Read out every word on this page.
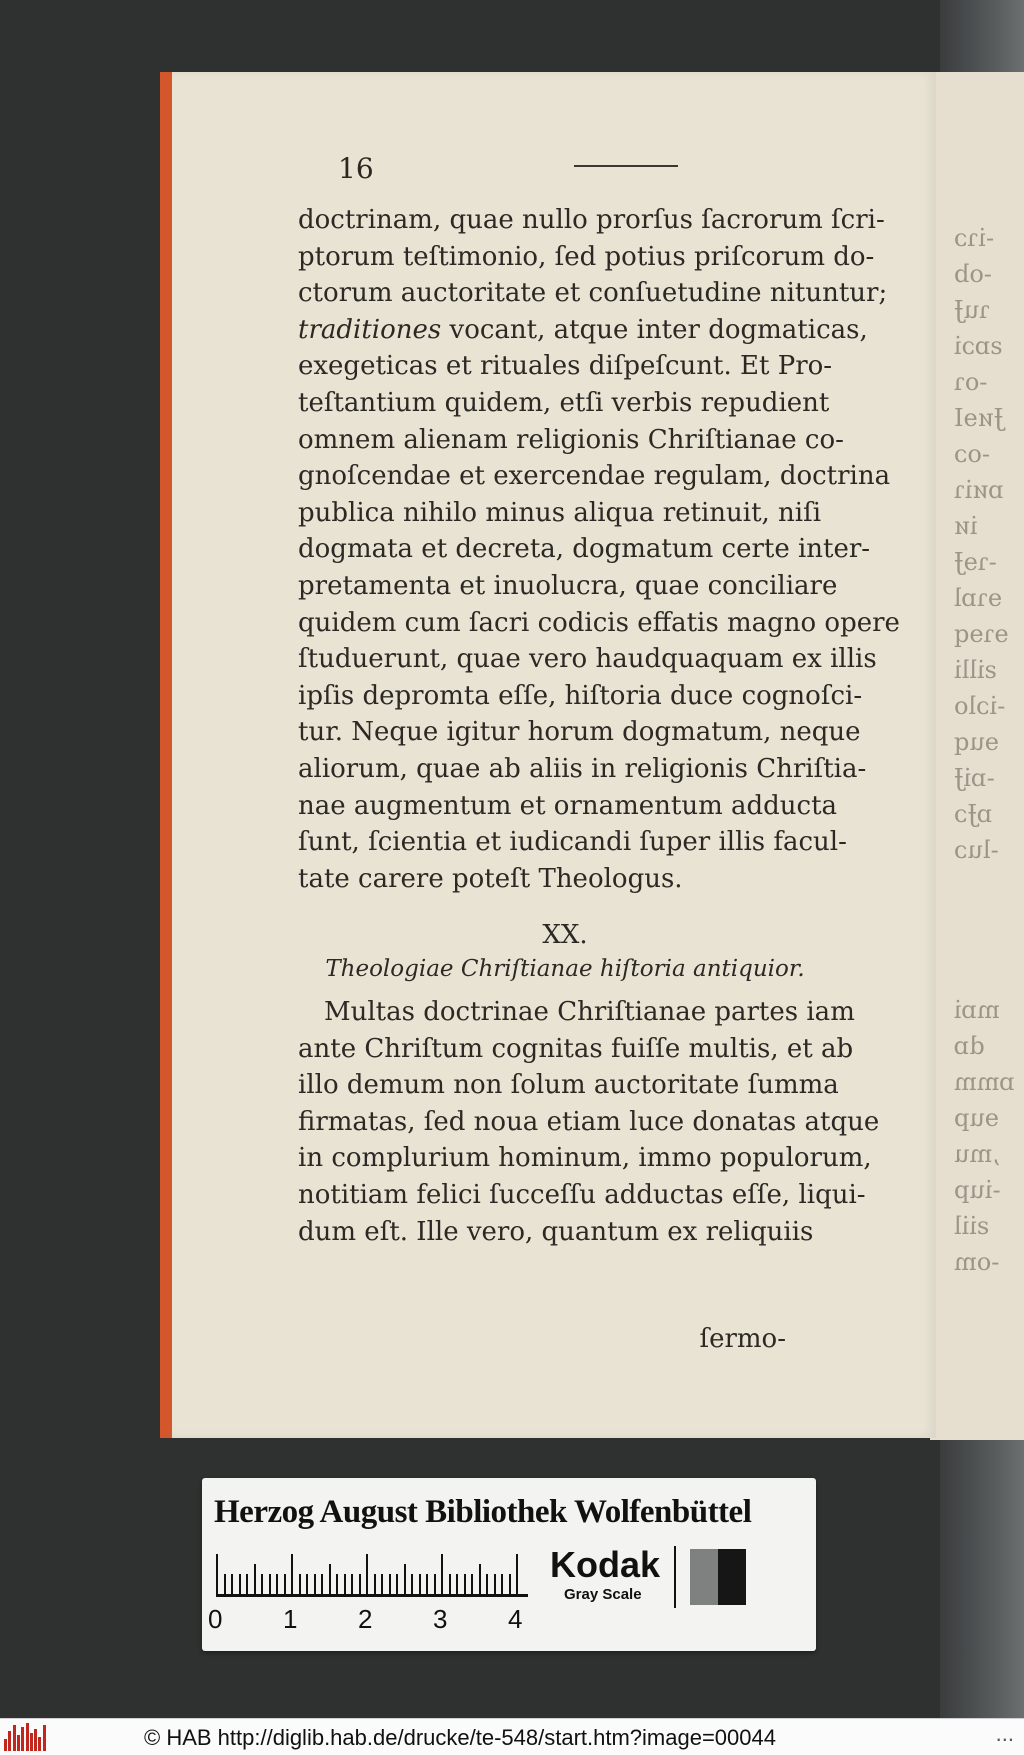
-iɿɔ
-ob
ɿuɈ
ꙅɒɔi
-oɿ
ɈᴎɘI
-oɔ
ɒᴎiɿ
iᴎ
-ɿɘɈ
ɘɿɒl
ɘɿɘq
ꙅilli
-iɔlo
ɘuq
-ɒiɈ
ɒɈɔ
-luɔ
mɒi
dɒ
ɒmm
ɘup
,mu
-iup
ꙅiil
-om
16
doctrinam, quae nullo prorſus ſacrorum ſcri-
ptorum teſtimonio, ſed potius priſcorum do-
ctorum auctoritate et conſuetudine nituntur;
traditiones vocant, atque inter dogmaticas,
exegeticas et rituales diſpeſcunt. Et Pro-
teſtantium quidem, etſi verbis repudient
omnem alienam religionis Chriſtianae co-
gnoſcendae et exercendae regulam, doctrina
publica nihilo minus aliqua retinuit, niſi
dogmata et decreta, dogmatum certe inter-
pretamenta et inuolucra, quae conciliare
quidem cum ſacri codicis effatis magno opere
ſtuduerunt, quae vero haudquaquam ex illis
ipſis depromta eſſe, hiſtoria duce cognoſci-
tur. Neque igitur horum dogmatum, neque
aliorum, quae ab aliis in religionis Chriſtia-
nae augmentum et ornamentum adducta
ſunt, ſcientia et iudicandi ſuper illis facul-
tate carere poteſt Theologus.
XX.
Theologiae Chriſtianae hiſtoria antiquior.
Multas doctrinae Chriſtianae partes iam
ante Chriſtum cognitas fuiſſe multis, et ab
illo demum non ſolum auctoritate ſumma
firmatas, ſed noua etiam luce donatas atque
in complurium hominum, immo populorum,
notitiam felici ſucceſſu adductas eſſe, liqui-
dum eſt. Ille vero, quantum ex reliquiis
ſermo-
Herzog August Bibliothek Wolfenbüttel
0 1 2 3 4
Kodak
Gray Scale
© HAB http://diglib.hab.de/drucke/te-548/start.htm?image=00044	...
